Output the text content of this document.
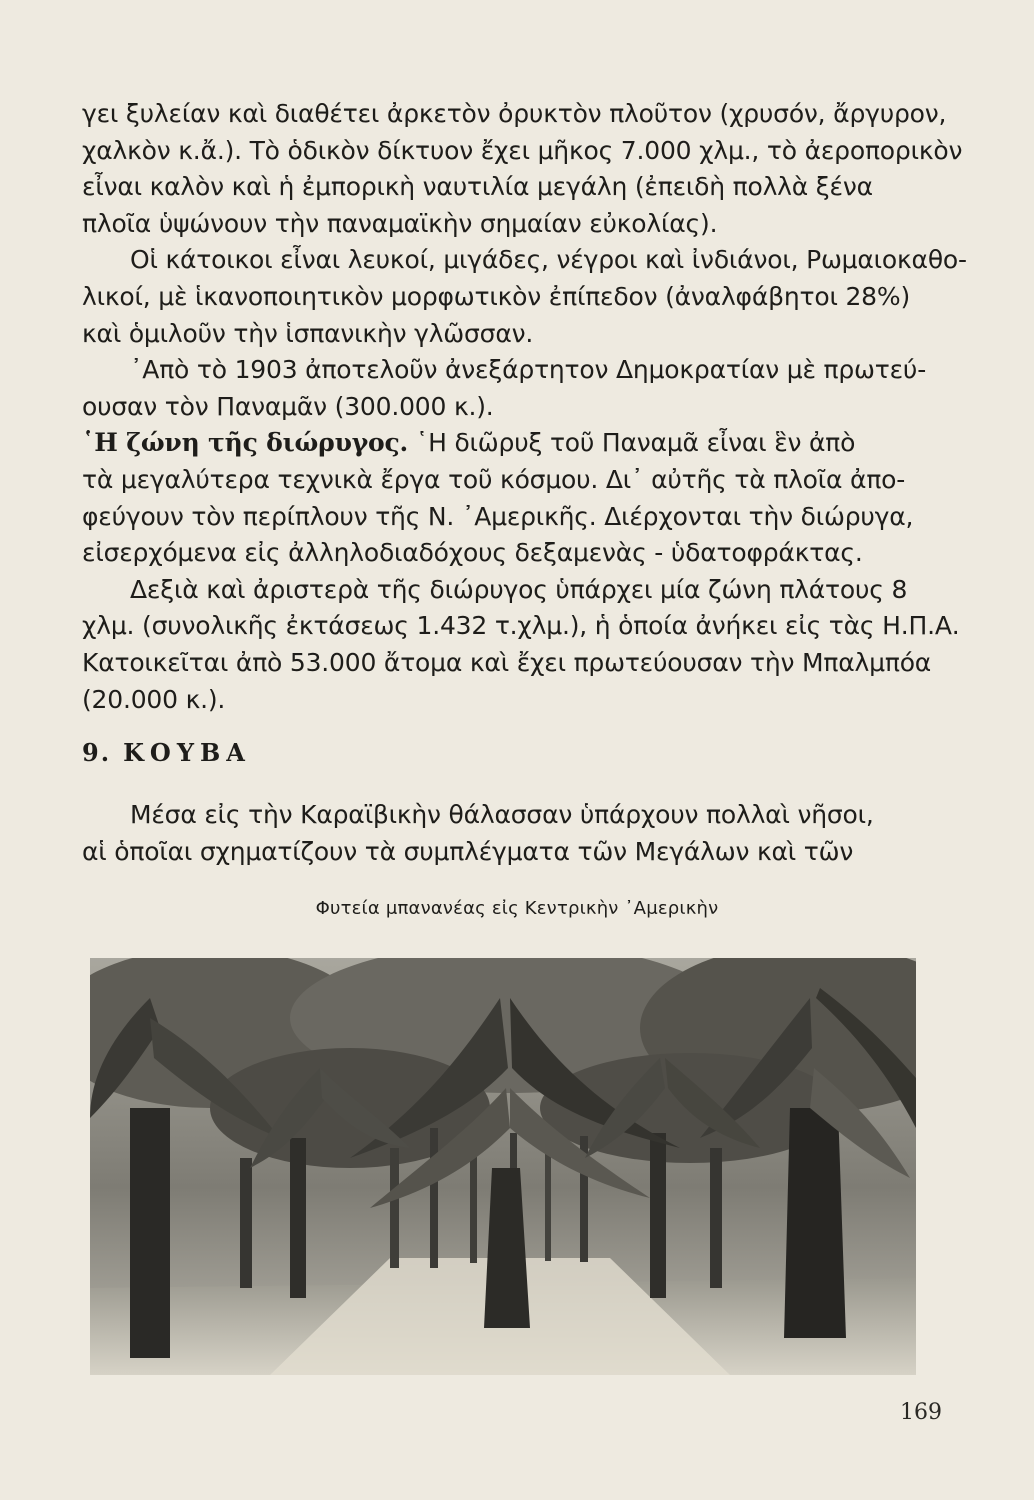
γει ξυλείαν καὶ διαθέτει ἀρκετὸν ὀρυκτὸν πλοῦτον (χρυσόν, ἄργυρον,
χαλκὸν κ.ἄ.). Τὸ ὁδικὸν δίκτυον ἔχει μῆκος 7.000 χλμ., τὸ ἀεροπορικὸν
εἶναι καλὸν καὶ ἡ ἐμπορικὴ ναυτιλία μεγάλη (ἐπειδὴ πολλὰ ξένα
πλοῖα ὑψώνουν τὴν παναμαϊκὴν σημαίαν εὐκολίας).
Οἱ κάτοικοι εἶναι λευκοί, μιγάδες, νέγροι καὶ ἰνδιάνοι, Ρωμαιοκαθο-
λικοί, μὲ ἱκανοποιητικὸν μορφωτικὸν ἐπίπεδον (ἀναλφάβητοι 28%)
καὶ ὁμιλοῦν τὴν ἱσπανικὴν γλῶσσαν.
᾿Απὸ τὸ 1903 ἀποτελοῦν ἀνεξάρτητον Δημοκρατίαν μὲ πρωτεύ-
ουσαν τὸν Παναμᾶν (300.000 κ.).
῾Η ζώνη τῆς διώρυγος. ῾Η διῶρυξ τοῦ Παναμᾶ εἶναι ἓν ἀπὸ
τὰ μεγαλύτερα τεχνικὰ ἔργα τοῦ κόσμου. Δι᾿ αὐτῆς τὰ πλοῖα ἀπο-
φεύγουν τὸν περίπλουν τῆς Ν. ᾿Αμερικῆς. Διέρχονται τὴν διώρυγα,
εἰσερχόμενα εἰς ἀλληλοδιαδόχους δεξαμενὰς - ὑδατοφράκτας.
Δεξιὰ καὶ ἀριστερὰ τῆς διώρυγος ὑπάρχει μία ζώνη πλάτους 8
χλμ. (συνολικῆς ἐκτάσεως 1.432 τ.χλμ.), ἡ ὁποία ἀνήκει εἰς τὰς Η.Π.Α.
Κατοικεῖται ἀπὸ 53.000 ἄτομα καὶ ἔχει πρωτεύουσαν τὴν Μπαλμπόα
(20.000 κ.).
9. ΚΟΥΒΑ
Μέσα εἰς τὴν Καραϊβικὴν θάλασσαν ὑπάρχουν πολλαὶ νῆσοι,
αἱ ὁποῖαι σχηματίζουν τὰ συμπλέγματα τῶν Μεγάλων καὶ τῶν
Φυτεία μπανανέας εἰς Κεντρικὴν ᾿Αμερικὴν
169
